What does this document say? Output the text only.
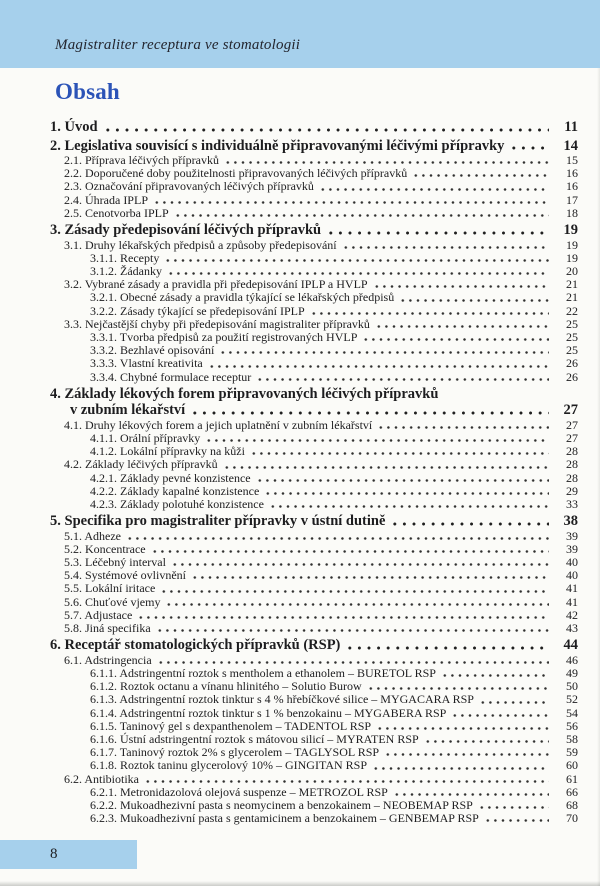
Magistraliter receptura ve stomatologii
Obsah
1. Úvod	11
2. Legislativa souvisící s individuálně připravovanými léčivými přípravky	14
2.1. Příprava léčivých přípravků	15
2.2. Doporučené doby použitelnosti připravovaných léčivých přípravků	16
2.3. Označování připravovaných léčivých přípravků	16
2.4. Úhrada IPLP	17
2.5. Cenotvorba IPLP	18
3. Zásady předepisování léčivých přípravků	19
3.1. Druhy lékařských předpisů a způsoby předepisování	19
3.1.1. Recepty	19
3.1.2. Žádanky	20
3.2. Vybrané zásady a pravidla při předepisování IPLP a HVLP	21
3.2.1. Obecné zásady a pravidla týkající se lékařských předpisů	21
3.2.2. Zásady týkající se předepisování IPLP	22
3.3. Nejčastější chyby při předepisování magistraliter přípravků	25
3.3.1. Tvorba předpisů za použití registrovaných HVLP	25
3.3.2. Bezhlavé opisování	25
3.3.3. Vlastní kreativita	26
3.3.4. Chybné formulace receptur	26
4. Základy lékových forem připravovaných léčivých přípravků
v zubním lékařství	27
4.1. Druhy lékových forem a jejich uplatnění v zubním lékařství	27
4.1.1. Orální přípravky	27
4.1.2. Lokální přípravky na kůži	28
4.2. Základy léčivých přípravků	28
4.2.1. Základy pevné konzistence	28
4.2.2. Základy kapalné konzistence	29
4.2.3. Základy polotuhé konzistence	33
5. Specifika pro magistraliter přípravky v ústní dutině	38
5.1. Adheze	39
5.2. Koncentrace	39
5.3. Léčebný interval	40
5.4. Systémové ovlivnění	40
5.5. Lokální iritace	41
5.6. Chuťové vjemy	41
5.7. Adjustace	42
5.8. Jiná specifika	43
6. Receptář stomatologických přípravků (RSP)	44
6.1. Adstringencia	46
6.1.1. Adstringentní roztok s mentholem a ethanolem – BURETOL RSP	49
6.1.2. Roztok octanu a vínanu hlinitého – Solutio Burow	50
6.1.3. Adstringentní roztok tinktur s 4 % hřebíčkové silice – MYGACARA RSP	52
6.1.4. Adstringentní roztok tinktur s 1 % benzokainu – MYGABERA RSP	54
6.1.5. Taninový gel s dexpanthenolem – TADENTOL RSP	56
6.1.6. Ústní adstringentní roztok s mátovou silicí – MYRATEN RSP	58
6.1.7. Taninový roztok 2% s glycerolem – TAGLYSOL RSP	59
6.1.8. Roztok taninu glycerolový 10% – GINGITAN RSP	60
6.2. Antibiotika	61
6.2.1. Metronidazolová olejová suspenze – METROZOL RSP	66
6.2.2. Mukoadhezivní pasta s neomycinem a benzokainem – NEOBEMAP RSP	68
6.2.3. Mukoadhezivní pasta s gentamicinem a benzokainem – GENBEMAP RSP	70
8
